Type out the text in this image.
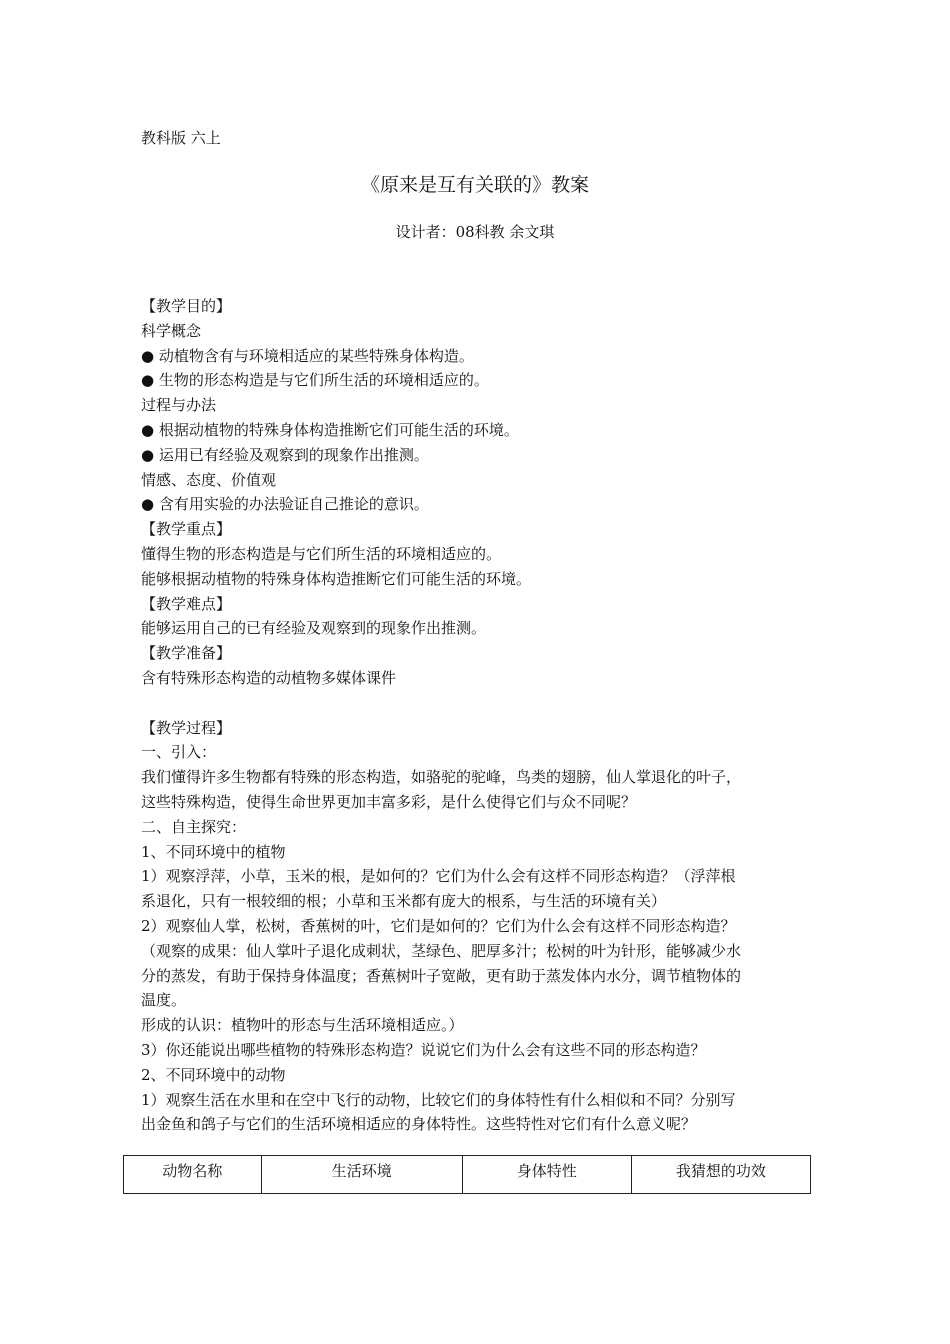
教科版 六上
《原来是互有关联的》教案
设计者：08科教 余文琪
【教学目的】
科学概念
● 动植物含有与环境相适应的某些特殊身体构造。
● 生物的形态构造是与它们所生活的环境相适应的。
过程与办法
● 根据动植物的特殊身体构造推断它们可能生活的环境。
● 运用已有经验及观察到的现象作出推测。
情感、态度、价值观
● 含有用实验的办法验证自己推论的意识。
【教学重点】
懂得生物的形态构造是与它们所生活的环境相适应的。
能够根据动植物的特殊身体构造推断它们可能生活的环境。
【教学难点】
能够运用自己的已有经验及观察到的现象作出推测。
【教学准备】
含有特殊形态构造的动植物多媒体课件
【教学过程】
一、引入：
我们懂得许多生物都有特殊的形态构造，如骆驼的驼峰，鸟类的翅膀，仙人掌退化的叶子，
这些特殊构造，使得生命世界更加丰富多彩，是什么使得它们与众不同呢？
二、自主探究：
1、不同环境中的植物
1）观察浮萍，小草，玉米的根，是如何的？它们为什么会有这样不同形态构造？（浮萍根
系退化，只有一根较细的根；小草和玉米都有庞大的根系，与生活的环境有关）
2）观察仙人掌，松树，香蕉树的叶，它们是如何的？它们为什么会有这样不同形态构造？
（观察的成果：仙人掌叶子退化成刺状，茎绿色、肥厚多汁；松树的叶为针形，能够减少水
分的蒸发，有助于保持身体温度；香蕉树叶子宽敞，更有助于蒸发体内水分，调节植物体的
温度。
形成的认识：植物叶的形态与生活环境相适应。）
3）你还能说出哪些植物的特殊形态构造？说说它们为什么会有这些不同的形态构造？
2、不同环境中的动物
1）观察生活在水里和在空中飞行的动物，比较它们的身体特性有什么相似和不同？分别写
出金鱼和鸽子与它们的生活环境相适应的身体特性。这些特性对它们有什么意义呢？
动物名称	生活环境	身体特性	我猜想的功效
